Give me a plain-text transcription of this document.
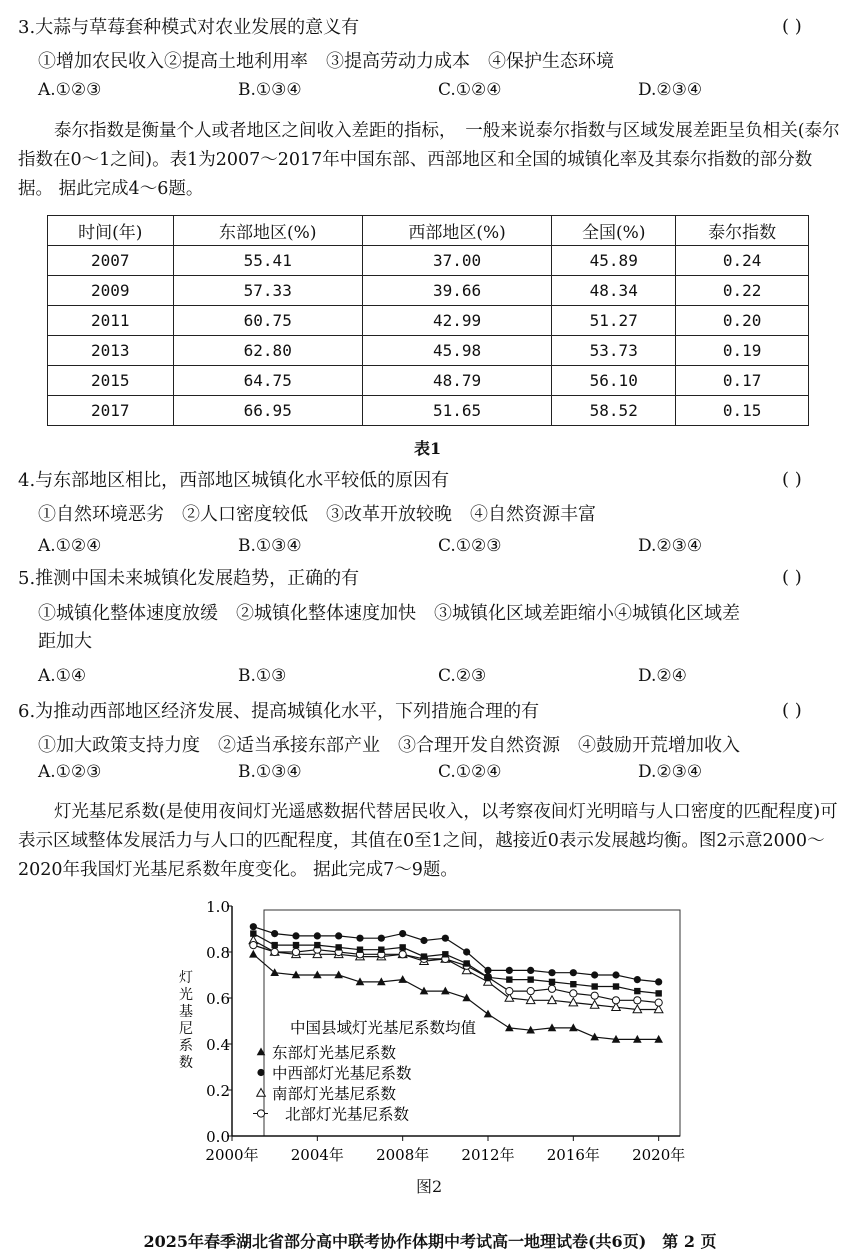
3.大蒜与草莓套种模式对农业发展的意义有	( )
①增加农民收入②提高土地利用率　③提高劳动力成本　④保护生态环境
A.①②③	B.①③④	C.①②④	D.②③④
泰尔指数是衡量个人或者地区之间收入差距的指标，　一般来说泰尔指数与区域发展差距呈负相关(泰尔指数在0～1之间)。表1为2007～2017年中国东部、西部地区和全国的城镇化率及其泰尔指数的部分数据。 据此完成4～6题。
时间(年)	东部地区(%)	西部地区(%)	全国(%)	泰尔指数
2007	55.41	37.00	45.89	0.24
2009	57.33	39.66	48.34	0.22
2011	60.75	42.99	51.27	0.20
2013	62.80	45.98	53.73	0.19
2015	64.75	48.79	56.10	0.17
2017	66.95	51.65	58.52	0.15
表1
4.与东部地区相比，西部地区城镇化水平较低的原因有	( )
①自然环境恶劣　②人口密度较低　③改革开放较晚　④自然资源丰富
A.①②④	B.①③④	C.①②③	D.②③④
5.推测中国未来城镇化发展趋势，正确的有	( )
①城镇化整体速度放缓　②城镇化整体速度加快　③城镇化区域差距缩小④城镇化区域差
距加大
A.①④	B.①③	C.②③	D.②④
6.为推动西部地区经济发展、提高城镇化水平，下列措施合理的有	( )
①加大政策支持力度　②适当承接东部产业　③合理开发自然资源　④鼓励开荒增加收入
A.①②③	B.①③④	C.①②④	D.②③④
灯光基尼系数(是使用夜间灯光遥感数据代替居民收入，以考察夜间灯光明暗与人口密度的匹配程度)可表示区域整体发展活力与人口的匹配程度，其值在0至1之间，越接近0表示发展越均衡。图2示意2000～2020年我国灯光基尼系数年度变化。 据此完成7～9题。
0.0
0.2
0.4
0.6
0.8
1.0
2000年 2004年 2008年 2012年 2016年 2020年
灯
光
基
尼
系
数
中国县域灯光基尼系数均值
东部灯光基尼系数
中西部灯光基尼系数
南部灯光基尼系数
北部灯光基尼系数
图2
2025年春季湖北省部分高中联考协作体期中考试高一地理试卷(共6页)　第 2 页
